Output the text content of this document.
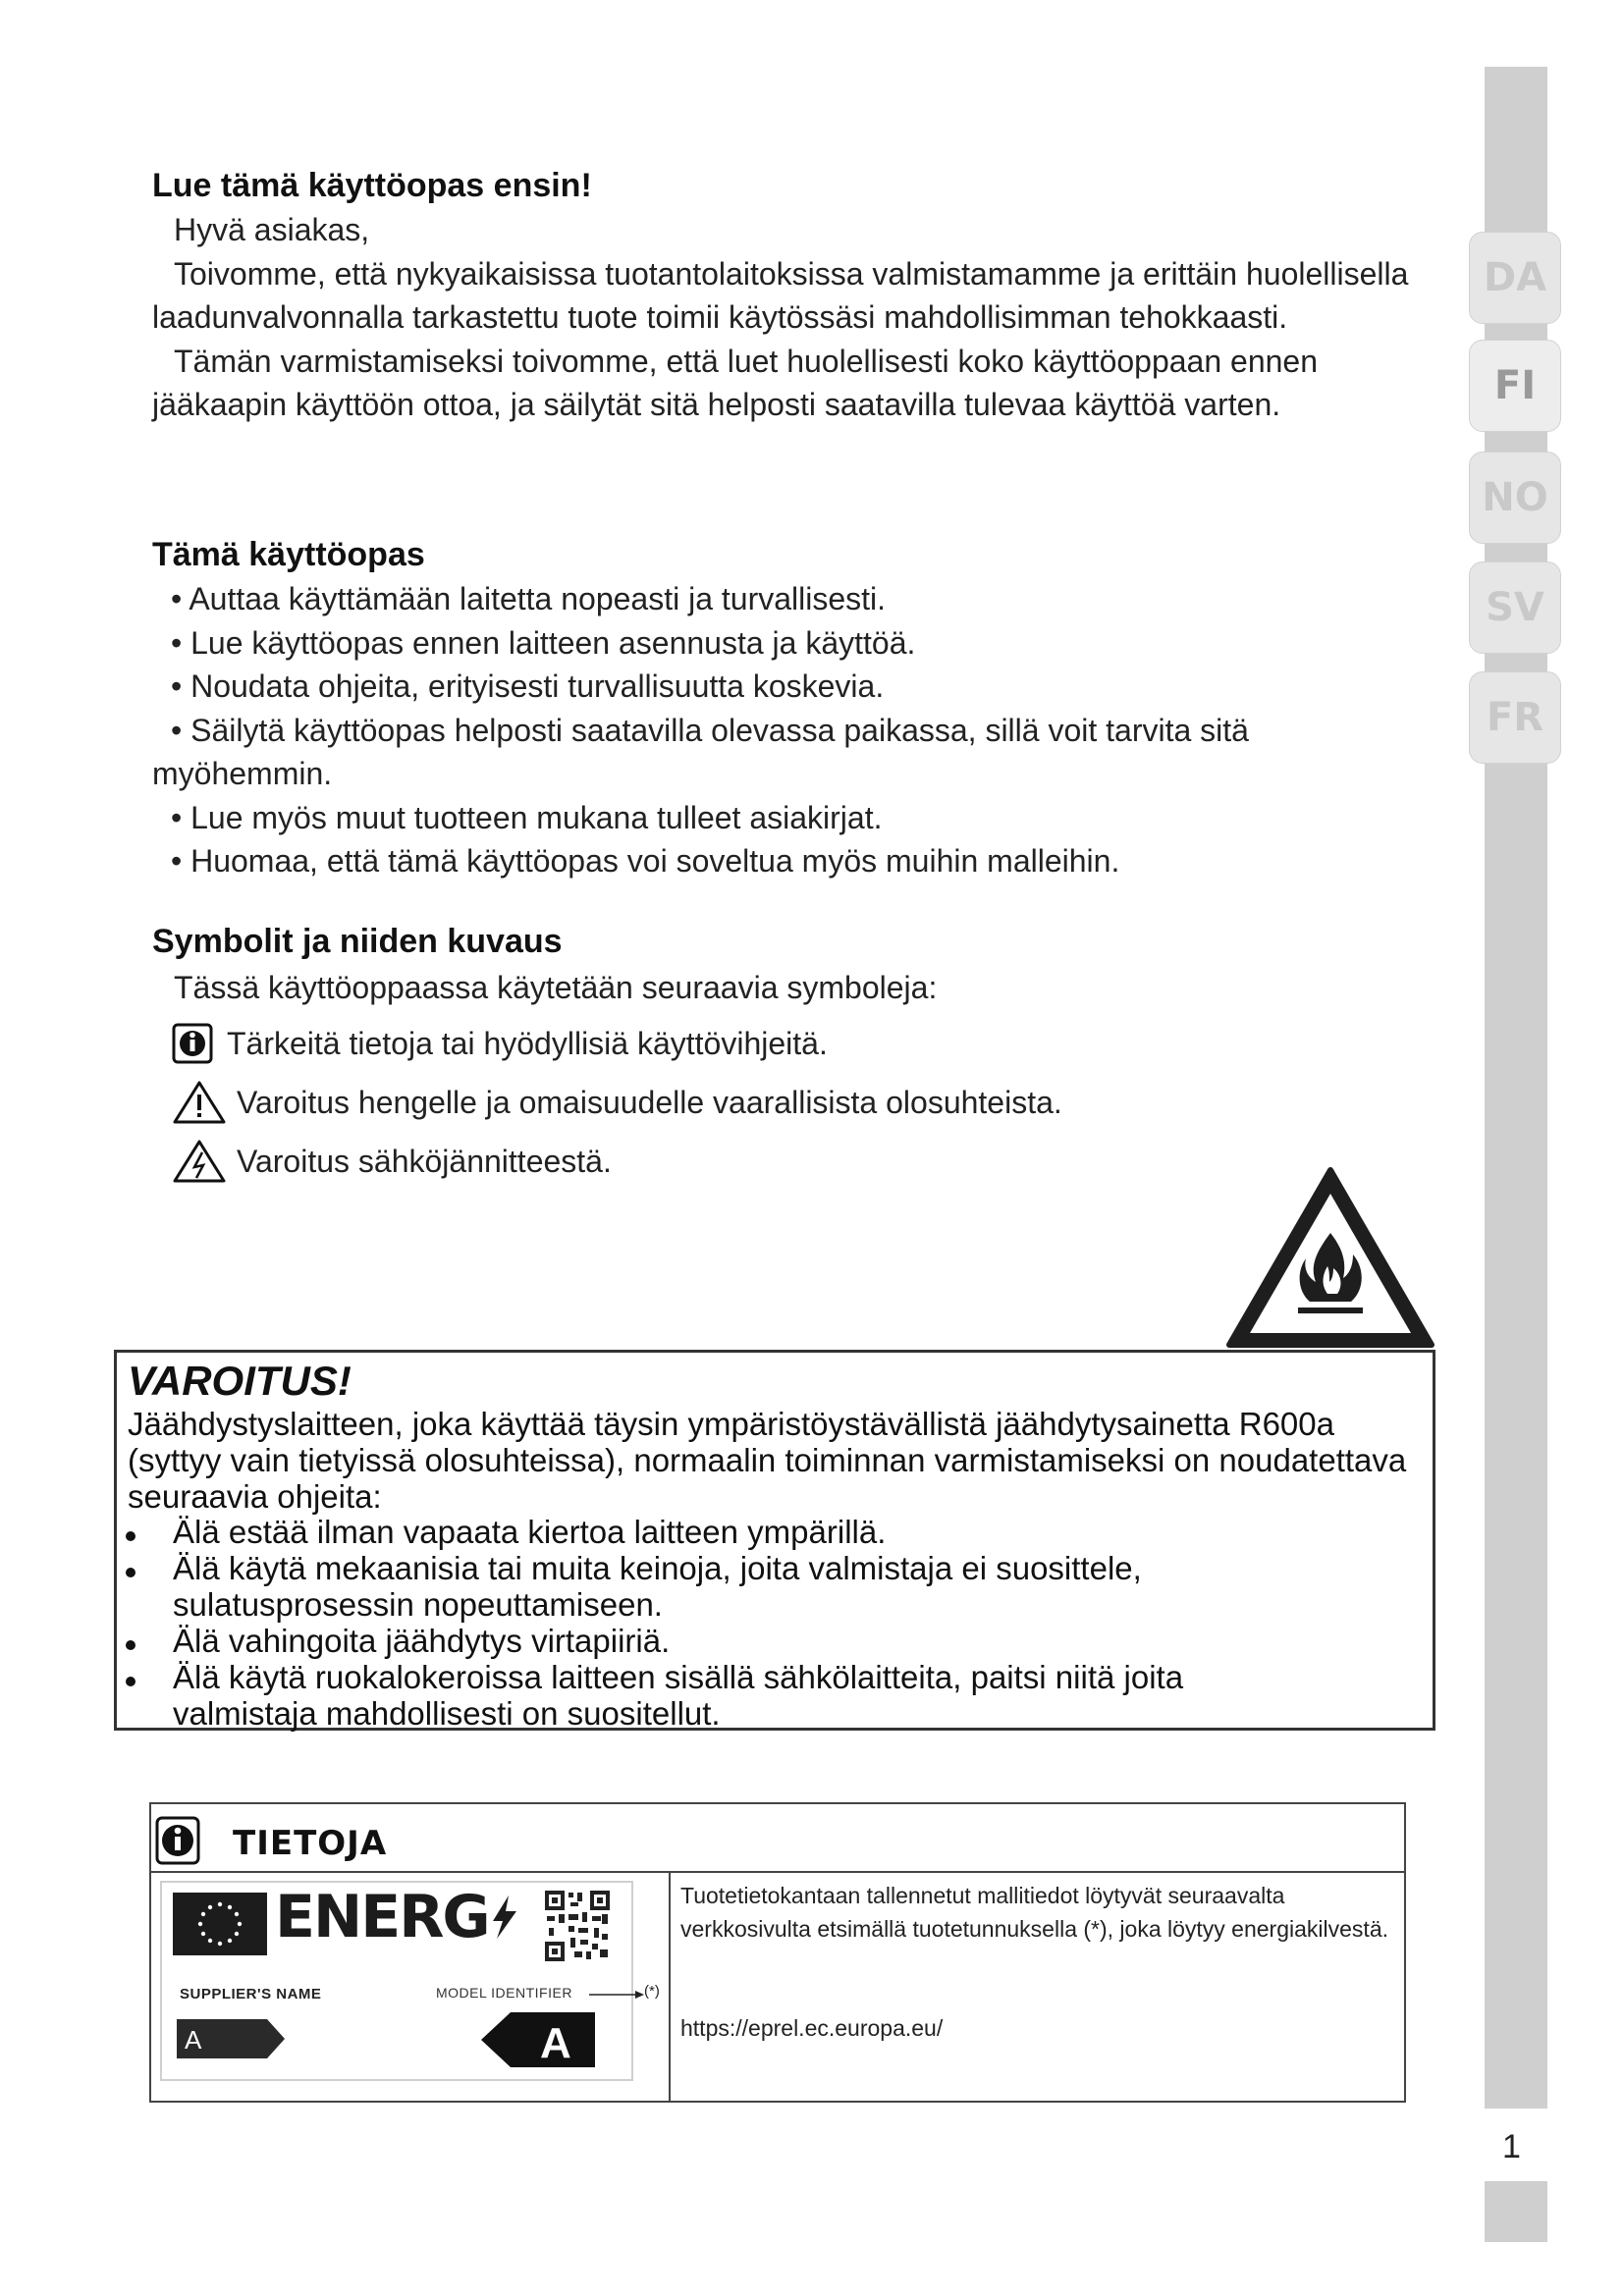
DA
FI
NO
SV
FR
1
Lue tämä käyttöopas ensin!

Hyvä asiakas,

Toivomme, että nykyaikaisissa tuotantolaitoksissa valmistamamme ja erittäin huolellisella laadunvalvonnalla tarkastettu tuote toimii käytössäsi mahdollisimman tehokkaasti.

Tämän varmistamiseksi toivomme, että luet huolellisesti koko käyttöoppaan ennen jääkaapin käyttöön ottoa, ja säilytät sitä helposti saatavilla tulevaa käyttöä varten.

Tämä käyttöopas
• Auttaa käyttämään laitetta nopeasti ja turvallisesti.
• Lue käyttöopas ennen laitteen asennusta ja käyttöä.
• Noudata ohjeita, erityisesti turvallisuutta koskevia.
• Säilytä käyttöopas helposti saatavilla olevassa paikassa, sillä voit tarvita sitä
myöhemmin.
• Lue myös muut tuotteen mukana tulleet asiakirjat.
• Huomaa, että tämä käyttöopas voi soveltua myös muihin malleihin.
Symbolit ja niiden kuvaus
Tässä käyttöoppaassa käytetään seuraavia symboleja:
Tärkeitä tietoja tai hyödyllisiä käyttövihjeitä.
Varoitus hengelle ja omaisuudelle vaarallisista olosuhteista.
Varoitus sähköjännitteestä.
VAROITUS!
Jäähdystyslaitteen, joka käyttää täysin ympäristöystävällistä jäähdytysainetta R600a (syttyy vain tietyissä olosuhteissa), normaalin toiminnan varmistamiseksi on noudatettava seuraavia ohjeita:
Älä estää ilman vapaata kiertoa laitteen ympärillä.
Älä käytä mekaanisia tai muita keinoja, joita valmistaja ei suosittele,
sulatusprosessin nopeuttamiseen.
Älä vahingoita jäähdytys virtapiiriä.
Älä käytä ruokalokeroissa laitteen sisällä sähkölaitteita, paitsi niitä joita
valmistaja mahdollisesti on suositellut.
TIETOJA
ENERG
SUPPLIER'S NAME	MODEL IDENTIFIER	(*)
A	A
Tuotetietokantaan tallennetut mallitiedot löytyvät seuraavalta verkkosivulta etsimällä tuotetunnuksella (*), joka löytyy energiakilvestä.
https://eprel.ec.europa.eu/
